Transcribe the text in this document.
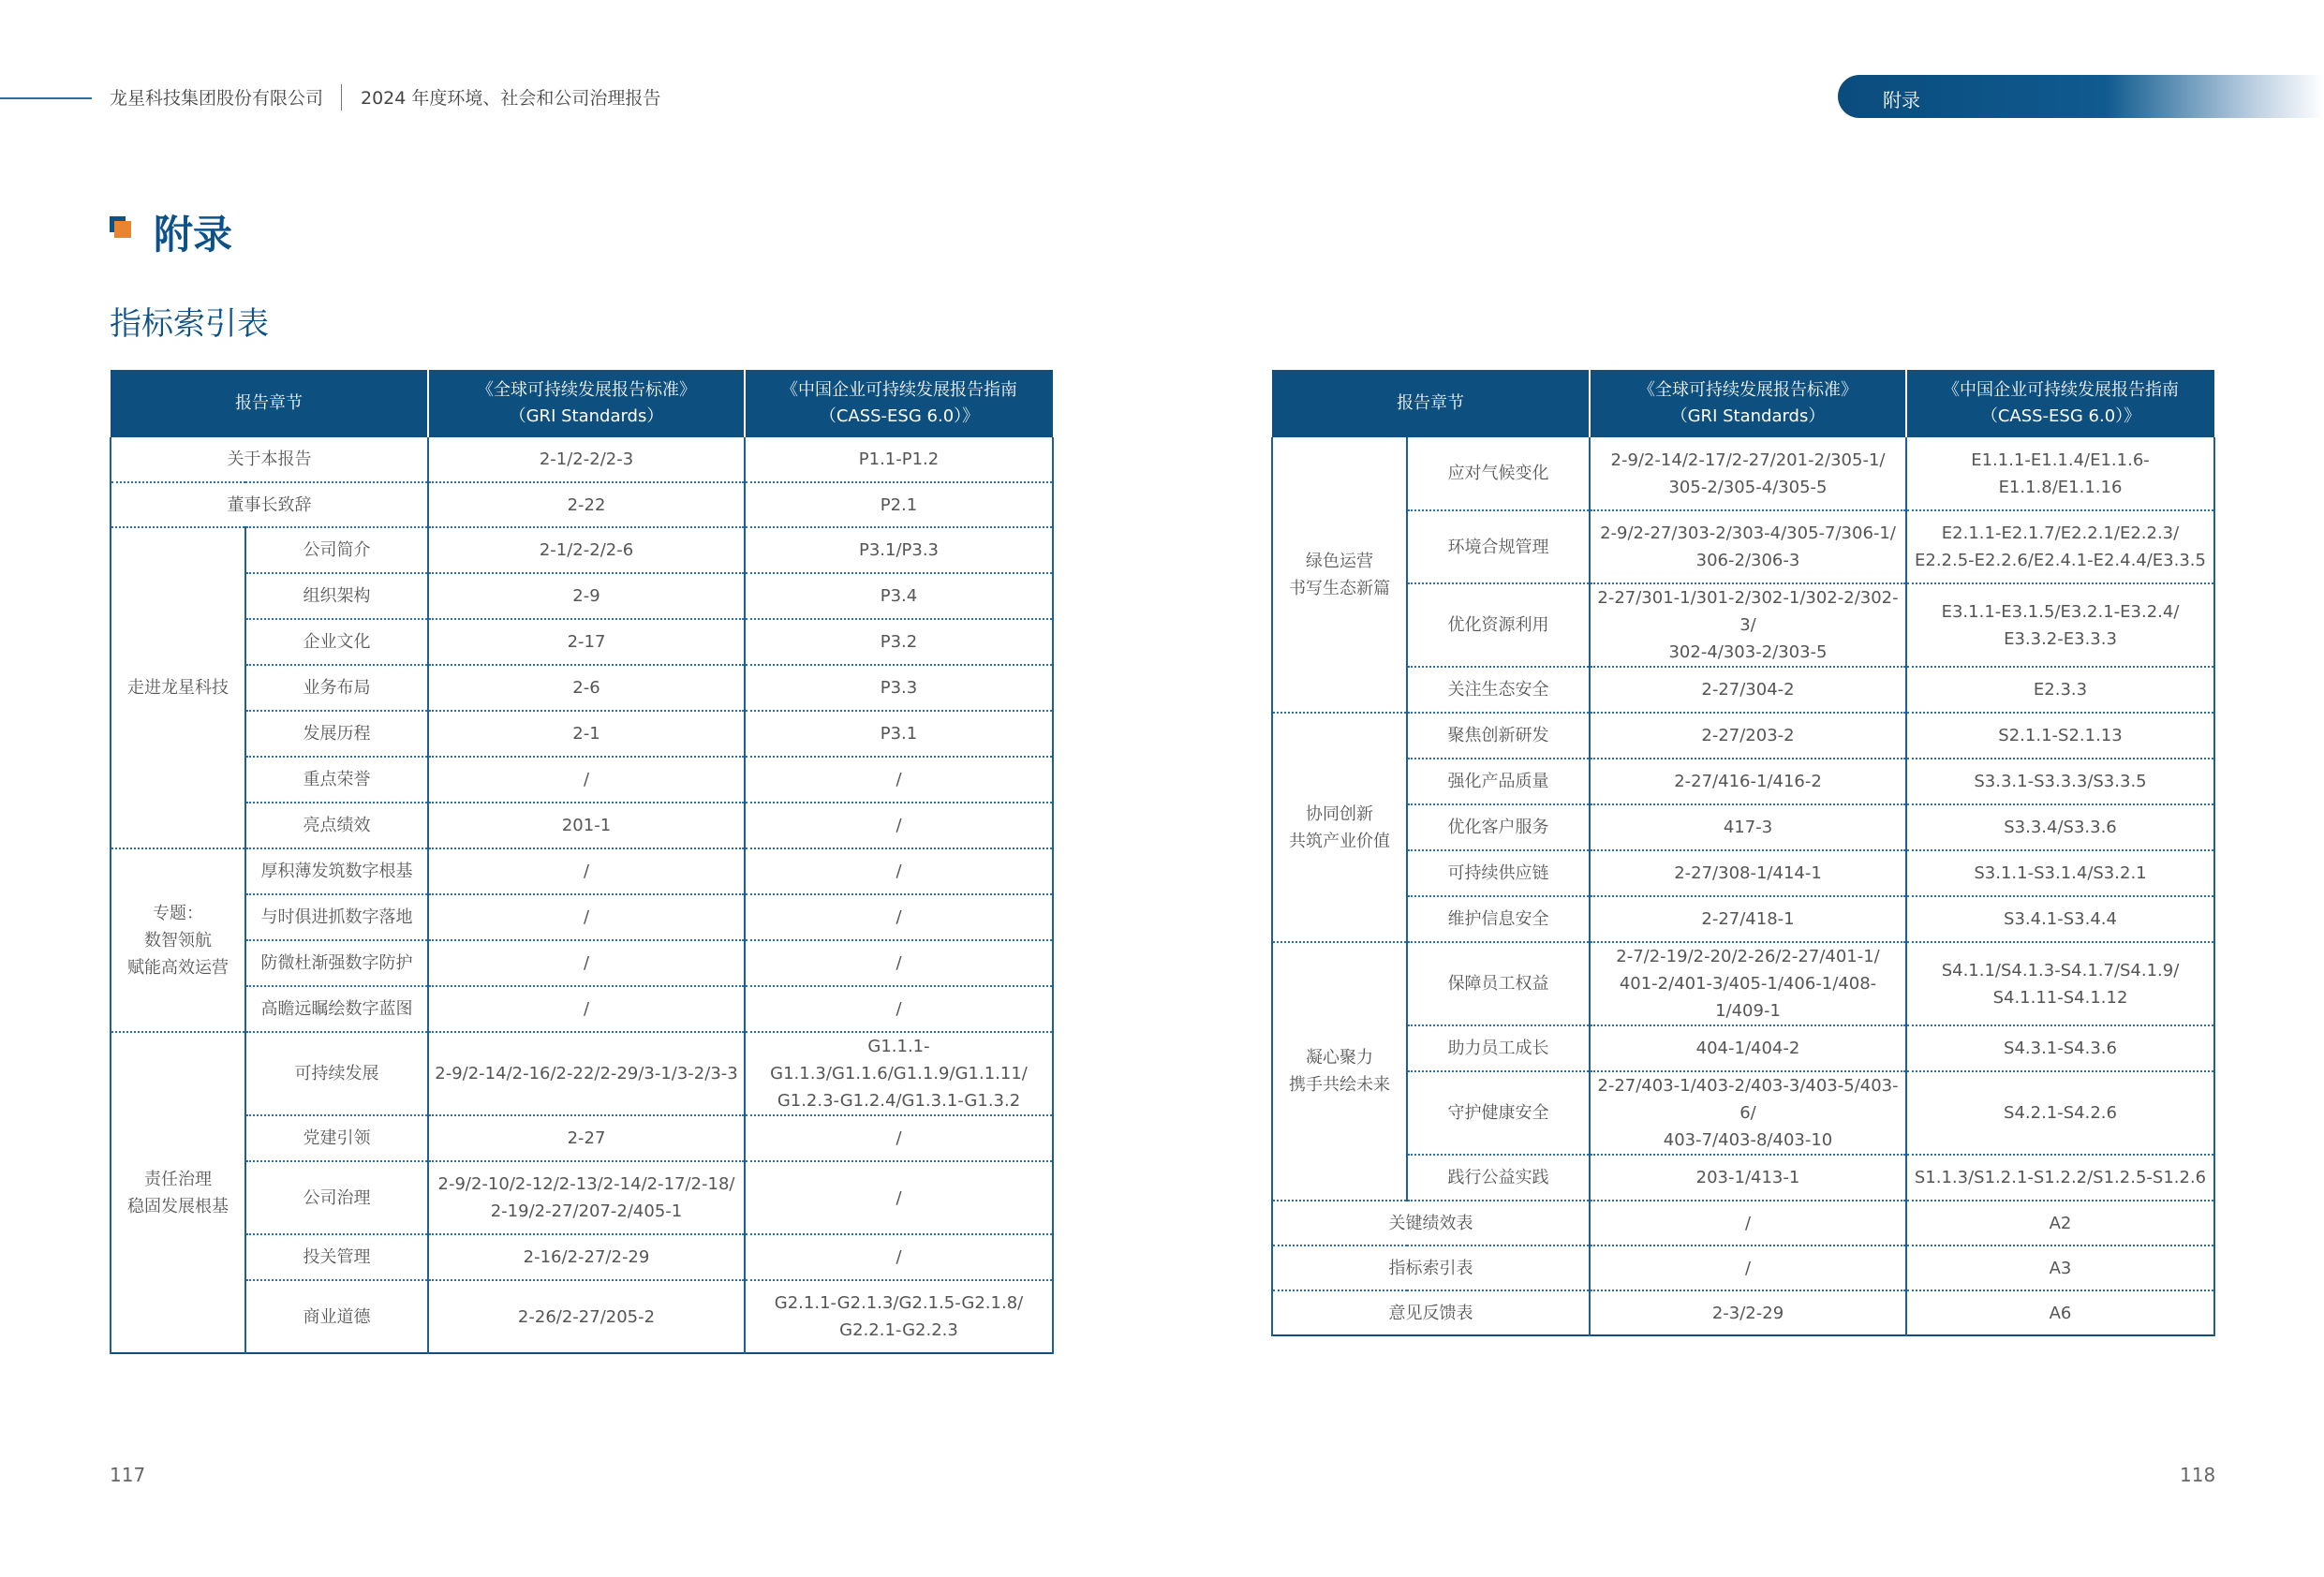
龙星科技集团股份有限公司 2024 年度环境、社会和公司治理报告	附录
附录
指标索引表
报告章节		《全球可持续发展报告标准》
（GRI Standards）	《中国企业可持续发展报告指南
（CASS-ESG 6.0）》
关于本报告		2-1/2-2/2-3	P1.1-P1.2
董事长致辞		2-22	P2.1
走进龙星科技	公司简介	2-1/2-2/2-6	P3.1/P3.3
	组织架构	2-9	P3.4
	企业文化	2-17	P3.2
	业务布局	2-6	P3.3
	发展历程	2-1	P3.1
	重点荣誉	/	/
	亮点绩效	201-1	/
专题：
数智领航
赋能高效运营	厚积薄发筑数字根基	/	/
	与时俱进抓数字落地	/	/
	防微杜渐强数字防护	/	/
	高瞻远瞩绘数字蓝图	/	/
责任治理
稳固发展根基	可持续发展	2-9/2-14/2-16/2-22/2-29/3-1/3-2/3-3	G1.1.1-G1.1.3/G1.1.6/G1.1.9/G1.1.11/
G1.2.3-G1.2.4/G1.3.1-G1.3.2
	党建引领	2-27	/
	公司治理	2-9/2-10/2-12/2-13/2-14/2-17/2-18/
2-19/2-27/207-2/405-1	/
	投关管理	2-16/2-27/2-29	/
	商业道德	2-26/2-27/205-2	G2.1.1-G2.1.3/G2.1.5-G2.1.8/
G2.2.1-G2.2.3
报告章节		《全球可持续发展报告标准》
（GRI Standards）	《中国企业可持续发展报告指南
（CASS-ESG 6.0）》
绿色运营
书写生态新篇	应对气候变化	2-9/2-14/2-17/2-27/201-2/305-1/
305-2/305-4/305-5	E1.1.1-E1.1.4/E1.1.6-E1.1.8/E1.1.16
	环境合规管理	2-9/2-27/303-2/303-4/305-7/306-1/
306-2/306-3	E2.1.1-E2.1.7/E2.2.1/E2.2.3/
E2.2.5-E2.2.6/E2.4.1-E2.4.4/E3.3.5
	优化资源利用	2-27/301-1/301-2/302-1/302-2/302-3/
302-4/303-2/303-5	E3.1.1-E3.1.5/E3.2.1-E3.2.4/
E3.3.2-E3.3.3
	关注生态安全	2-27/304-2	E2.3.3
协同创新
共筑产业价值	聚焦创新研发	2-27/203-2	S2.1.1-S2.1.13
	强化产品质量	2-27/416-1/416-2	S3.3.1-S3.3.3/S3.3.5
	优化客户服务	417-3	S3.3.4/S3.3.6
	可持续供应链	2-27/308-1/414-1	S3.1.1-S3.1.4/S3.2.1
	维护信息安全	2-27/418-1	S3.4.1-S3.4.4
凝心聚力
携手共绘未来	保障员工权益	2-7/2-19/2-20/2-26/2-27/401-1/
401-2/401-3/405-1/406-1/408-1/409-1	S4.1.1/S4.1.3-S4.1.7/S4.1.9/
S4.1.11-S4.1.12
	助力员工成长	404-1/404-2	S4.3.1-S4.3.6
	守护健康安全	2-27/403-1/403-2/403-3/403-5/403-6/
403-7/403-8/403-10	S4.2.1-S4.2.6
	践行公益实践	203-1/413-1	S1.1.3/S1.2.1-S1.2.2/S1.2.5-S1.2.6
关键绩效表		/	A2
指标索引表		/	A3
意见反馈表		2-3/2-29	A6
117	118
